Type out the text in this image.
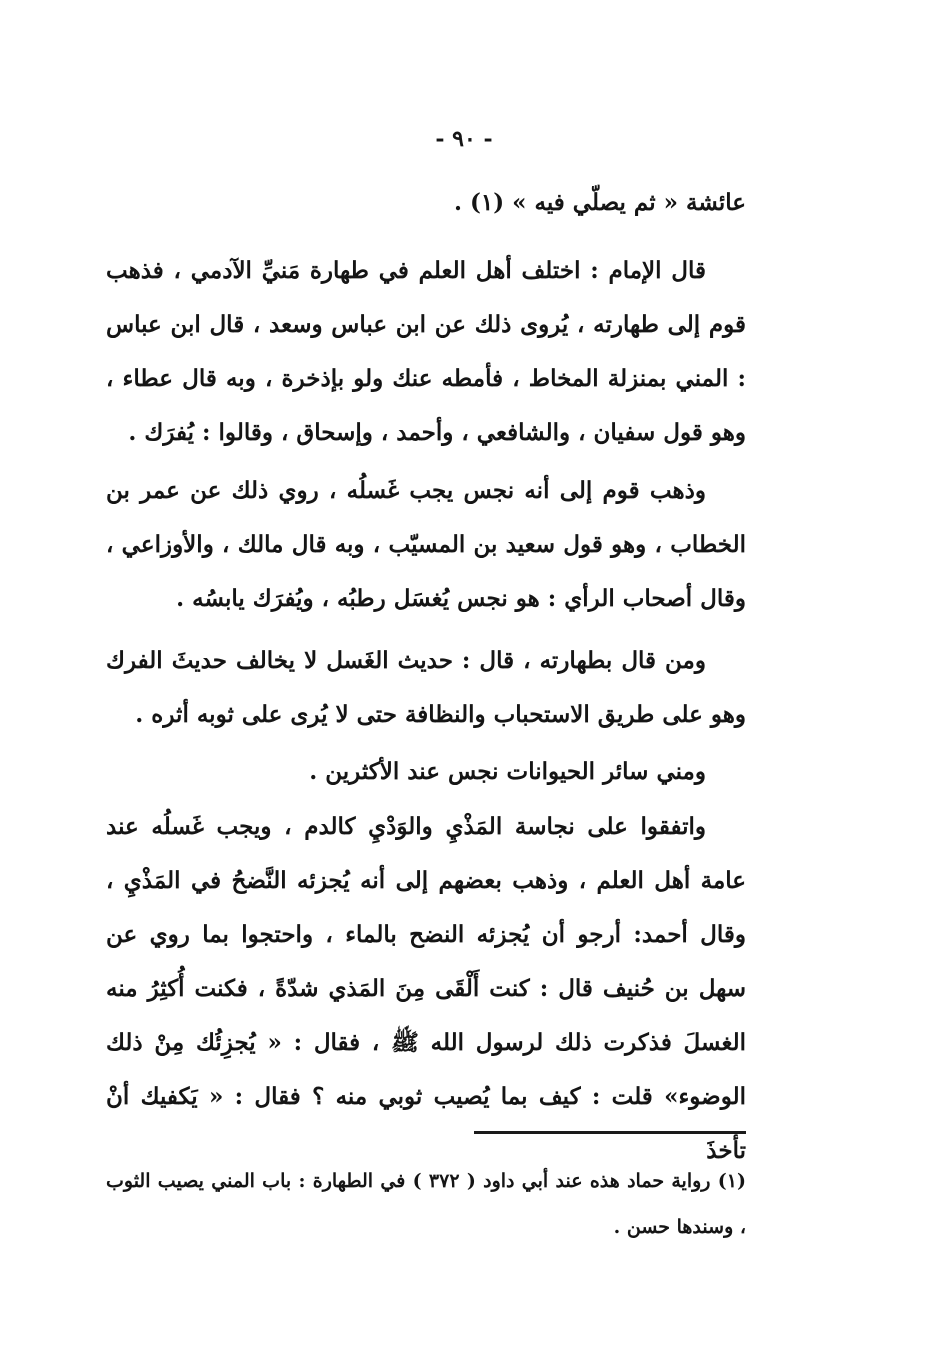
- ٩٠ -

عائشة « ثم يصلّي فيه » (١) .

قال الإمام : اختلف أهل العلم في طهارة مَنيِّ الآدمي ، فذهب قوم إلى طهارته ، يُروى ذلك عن ابن عباس وسعد ، قال ابن عباس : المني بمنزلة المخاط ، فأمطه عنك ولو بإذخرة ، وبه قال عطاء ، وهو قول سفيان ، والشافعي ، وأحمد ، وإسحاق ، وقالوا : يُفرَك .

وذهب قوم إلى أنه نجس يجب غَسلُه ، روي ذلك عن عمر بن الخطاب ، وهو قول سعيد بن المسيّب ، وبه قال مالك ، والأوزاعي ، وقال أصحاب الرأي : هو نجس يُغسَل رطبُه ، ويُفرَك يابسُه .

ومن قال بطهارته ، قال : حديث الغَسل لا يخالف حديثَ الفرك وهو على طريق الاستحباب والنظافة حتى لا يُرى على ثوبه أثره .

ومني سائر الحيوانات نجس عند الأكثرين .

واتفقوا على نجاسة المَذْيِ والوَدْيِ كالدم ، ويجب غَسلُه عند عامة أهل العلم ، وذهب بعضهم إلى أنه يُجزئه النَّضحُ في المَذْيِ ، وقال أحمد: أرجو أن يُجزئه النضح بالماء ، واحتجوا بما روي عن سهل بن حُنيف قال : كنت أَلْقَى مِنَ المَذي شدّةً ، فكنت أُكثِرُ منه الغسلَ فذكرت ذلك لرسول الله ﷺ ، فقال : « يُجزِئُك مِنْ ذلك الوضوء» قلت : كيف بما يُصيب ثوبي منه ؟ فقال : « يَكفيك أنْ تأخذَ

(١) رواية حماد هذه عند أبي داود ( ٣٧٢ ) في الطهارة : باب المني يصيب الثوب ، وسندها حسن .
